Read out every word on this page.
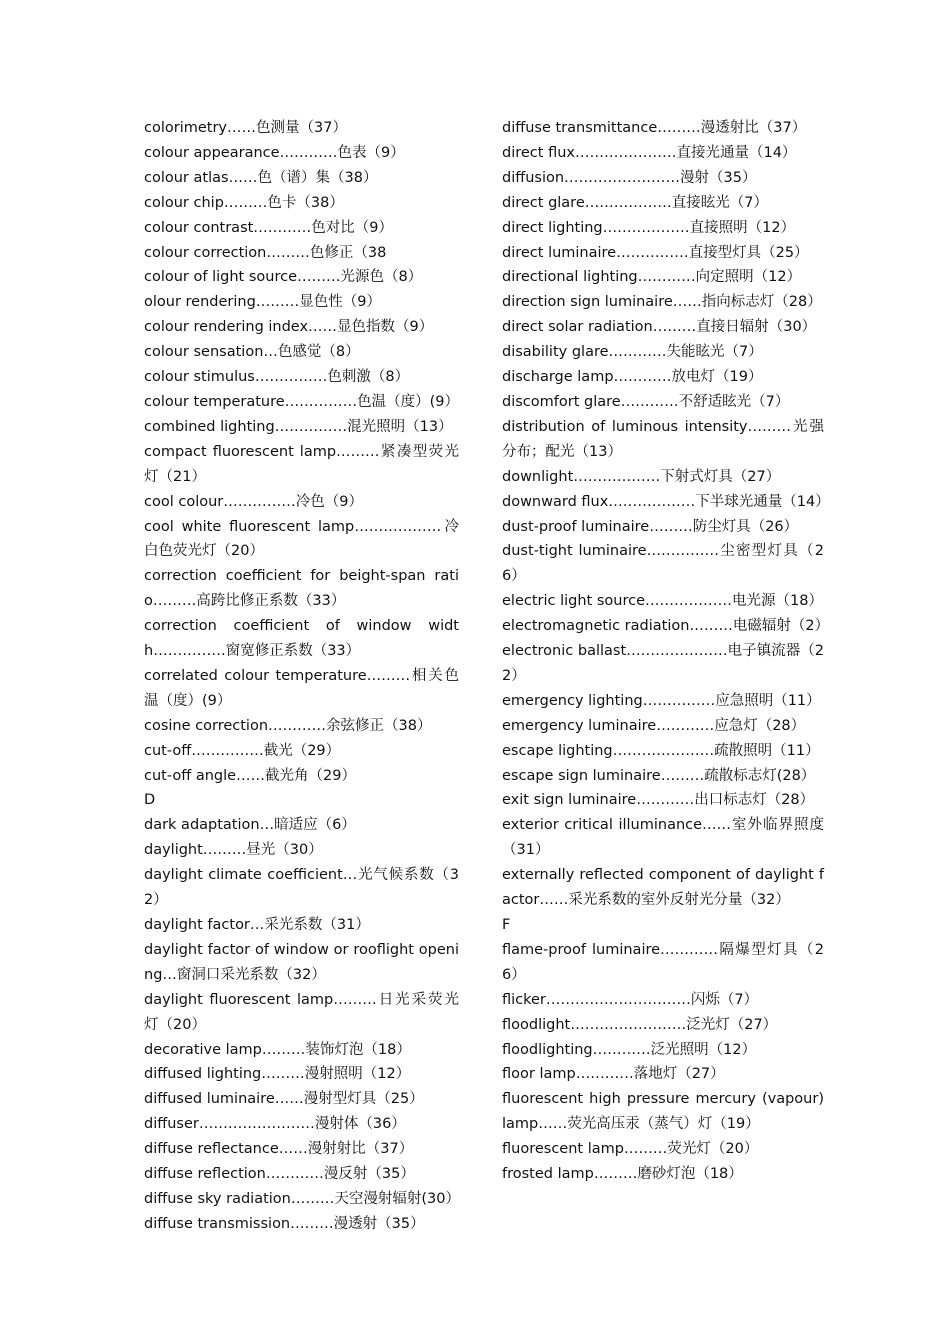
colorimetry……色测量（37）

colour appearance…………色表（9）

colour atlas……色（谱）集（38）

colour chip………色卡（38）

colour contrast…………色对比（9）

colour correction………色修正（38

colour of light source………光源色（8）

olour rendering………显色性（9）

colour rendering index……显色指数（9）

colour sensation…色感觉（8）

colour stimulus……………色刺激（8）

colour temperature……………色温（度）(9）

combined lighting……………混光照明（13）

compact fluorescent lamp………紧凑型荧光灯（21）

cool colour……………冷色（9）

cool white fluorescent lamp………………冷白色荧光灯（20）

correction coefficient for beight-span ratio………高跨比修正系数（33）

correction coefficient of window width……………窗宽修正系数（33）

correlated colour temperature………相关色温（度）(9）

cosine correction…………余弦修正（38）

cut-off……………截光（29）

cut-off angle……截光角（29）

D

dark adaptation…暗适应（6）

daylight………昼光（30）

daylight climate coefficient…光气候系数（32）

daylight factor…采光系数（31）

daylight factor of window or rooflight opening…窗洞口采光系数（32）

daylight fluorescent lamp………日光采荧光灯（20）

decorative lamp………装饰灯泡（18）

diffused lighting………漫射照明（12）

diffused luminaire……漫射型灯具（25）

diffuser……………………漫射体（36）

diffuse reflectance……漫射射比（37）

diffuse reflection…………漫反射（35）

diffuse sky radiation………天空漫射辐射(30）

diffuse transmission………漫透射（35）

diffuse transmittance………漫透射比（37）

direct flux…………………直接光通量（14）

diffusion……………………漫射（35）

direct glare………………直接眩光（7）

direct lighting………………直接照明（12）

direct luminaire……………直接型灯具（25）

directional lighting…………向定照明（12）

direction sign luminaire……指向标志灯（28）

direct solar radiation………直接日辐射（30）

disability glare…………失能眩光（7）

discharge lamp…………放电灯（19）

discomfort glare…………不舒适眩光（7）

distribution of luminous intensity………光强分布；配光（13）

downlight………………下射式灯具（27）

downward flux………………下半球光通量（14）

dust-proof luminaire………防尘灯具（26）

dust-tight luminaire……………尘密型灯具（26）

electric light source………………电光源（18）

electromagnetic radiation………电磁辐射（2）

electronic ballast…………………电子镇流器（22）

emergency lighting……………应急照明（11）

emergency luminaire…………应急灯（28）

escape lighting…………………疏散照明（11）

escape sign luminaire………疏散标志灯(28）

exit sign luminaire…………出口标志灯（28）

exterior critical illuminance……室外临界照度（31）

externally reflected component of daylight factor……采光系数的室外反射光分量（32）

F

flame-proof luminaire…………隔爆型灯具（26）

flicker…………………………闪烁（7）

floodlight……………………泛光灯（27）

floodlighting…………泛光照明（12）

floor lamp…………落地灯（27）

fluorescent high pressure mercury (vapour) lamp……荧光高压汞（蒸气）灯（19）

fluorescent lamp………荧光灯（20）

frosted lamp………磨砂灯泡（18）
